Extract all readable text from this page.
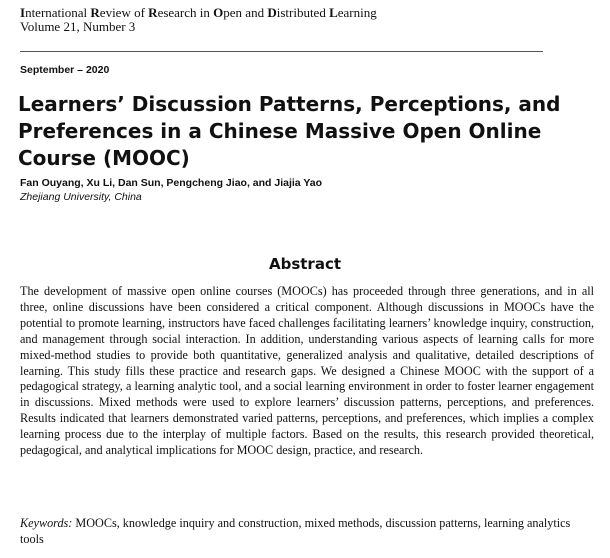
International Review of Research in Open and Distributed Learning
Volume 21, Number 3
September – 2020
Learners’ Discussion Patterns, Perceptions, and Preferences in a Chinese Massive Open Online Course (MOOC)
Fan Ouyang, Xu Li, Dan Sun, Pengcheng Jiao, and Jiajia Yao
Zhejiang University, China
Abstract

The development of massive open online courses (MOOCs) has proceeded through three generations, and in all three, online discussions have been considered a critical component. Although discussions in MOOCs have the potential to promote learning, instructors have faced challenges facilitating learners’ knowledge inquiry, construction, and management through social interaction. In addition, understanding various aspects of learning calls for more mixed-method studies to provide both quantitative, generalized analysis and qualitative, detailed descriptions of learning. This study fills these practice and research gaps. We designed a Chinese MOOC with the support of a pedagogical strategy, a learning analytic tool, and a social learning environment in order to foster learner engagement in discussions. Mixed methods were used to explore learners’ discussion patterns, perceptions, and preferences. Results indicated that learners demonstrated varied patterns, perceptions, and preferences, which implies a complex learning process due to the interplay of multiple factors. Based on the results, this research provided theoretical, pedagogical, and analytical implications for MOOC design, practice, and research.

Keywords: MOOCs, knowledge inquiry and construction, mixed methods, discussion patterns, learning analytics tools
